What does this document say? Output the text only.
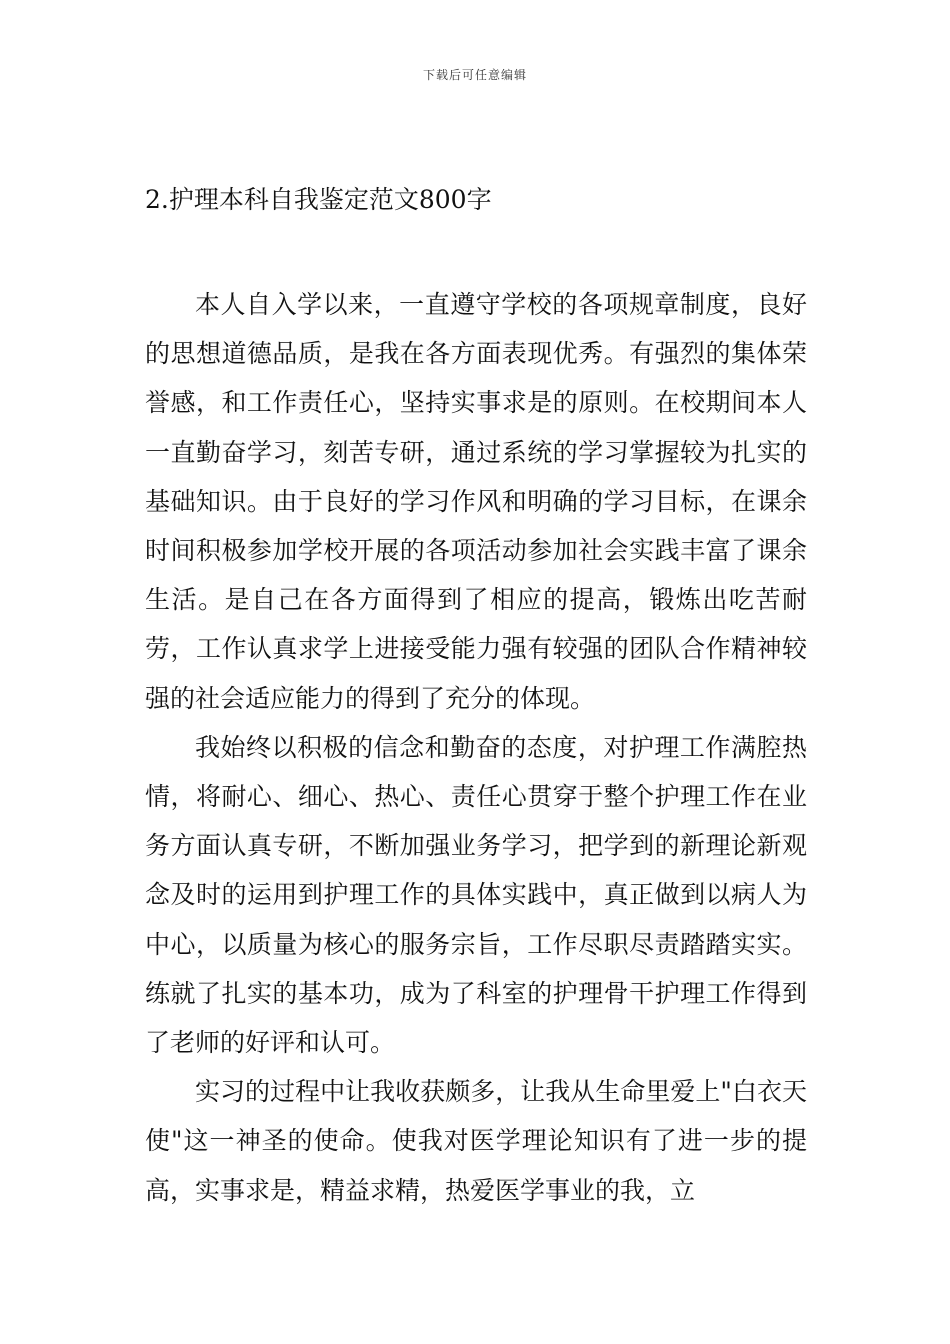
下载后可任意编辑
2.护理本科自我鉴定范文800字

本人自入学以来，一直遵守学校的各项规章制度，良好的思想道德品质，是我在各方面表现优秀。有强烈的集体荣誉感，和工作责任心，坚持实事求是的原则。在校期间本人一直勤奋学习，刻苦专研，通过系统的学习掌握较为扎实的基础知识。由于良好的学习作风和明确的学习目标，在课余时间积极参加学校开展的各项活动参加社会实践丰富了课余生活。是自己在各方面得到了相应的提高，锻炼出吃苦耐劳，工作认真求学上进接受能力强有较强的团队合作精神较强的社会适应能力的得到了充分的体现。

我始终以积极的信念和勤奋的态度，对护理工作满腔热情，将耐心、细心、热心、责任心贯穿于整个护理工作在业务方面认真专研，不断加强业务学习，把学到的新理论新观念及时的运用到护理工作的具体实践中，真正做到以病人为中心，以质量为核心的服务宗旨，工作尽职尽责踏踏实实。练就了扎实的基本功，成为了科室的护理骨干护理工作得到了老师的好评和认可。

实习的过程中让我收获颇多，让我从生命里爱上"白衣天使"这一神圣的使命。使我对医学理论知识有了进一步的提高，实事求是，精益求精，热爱医学事业的我，立
